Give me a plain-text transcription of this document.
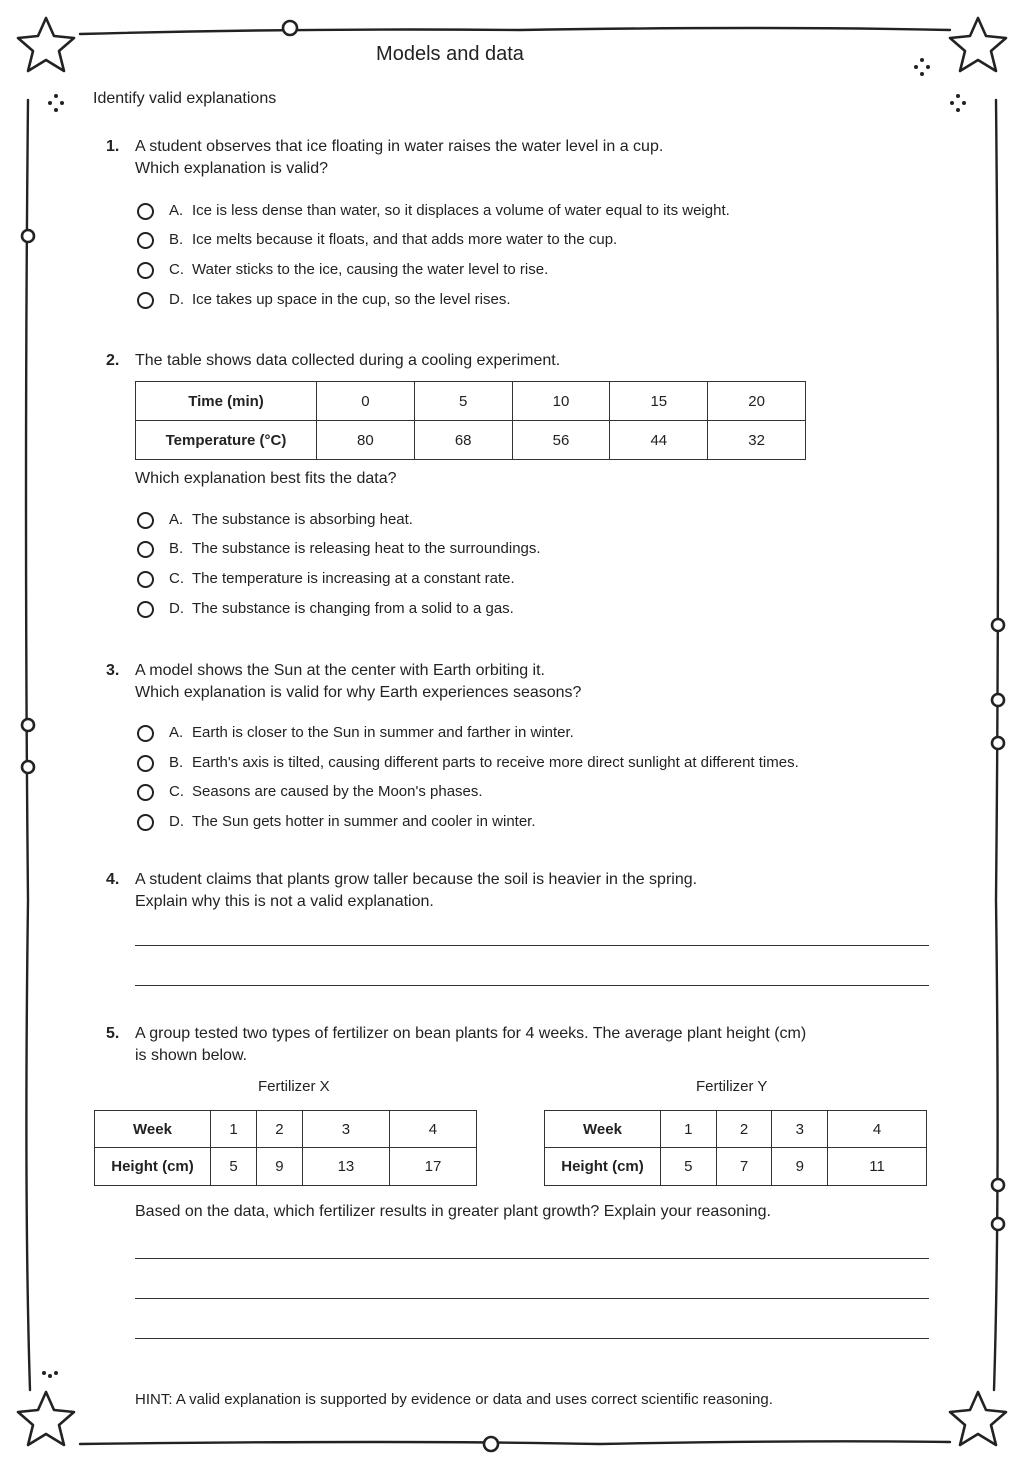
Models and data
Identify valid explanations
1. A student observes that ice floating in water raises the water level in a cup.
Which explanation is valid?
A. Ice is less dense than water, so it displaces a volume of water equal to its weight.
B. Ice melts because it floats, and that adds more water to the cup.
C. Water sticks to the ice, causing the water level to rise.
D. Ice takes up space in the cup, so the level rises.
2. The table shows data collected during a cooling experiment.
Time (min)	0	5	10	15	20
Temperature (°C)	80	68	56	44	32
Which explanation best fits the data?
A. The substance is absorbing heat.
B. The substance is releasing heat to the surroundings.
C. The temperature is increasing at a constant rate.
D. The substance is changing from a solid to a gas.
3. A model shows the Sun at the center with Earth orbiting it.
Which explanation is valid for why Earth experiences seasons?
A. Earth is closer to the Sun in summer and farther in winter.
B. Earth's axis is tilted, causing different parts to receive more direct sunlight at different times.
C. Seasons are caused by the Moon's phases.
D. The Sun gets hotter in summer and cooler in winter.
4. A student claims that plants grow taller because the soil is heavier in the spring.
Explain why this is not a valid explanation.
5. A group tested two types of fertilizer on bean plants for 4 weeks. The average plant height (cm)
is shown below.
Fertilizer X
Week	1	2	3	4
Height (cm)	5	9	13	17
Fertilizer Y
Week	1	2	3	4
Height (cm)	5	7	9	11
Based on the data, which fertilizer results in greater plant growth? Explain your reasoning.
HINT: A valid explanation is supported by evidence or data and uses correct scientific reasoning.
